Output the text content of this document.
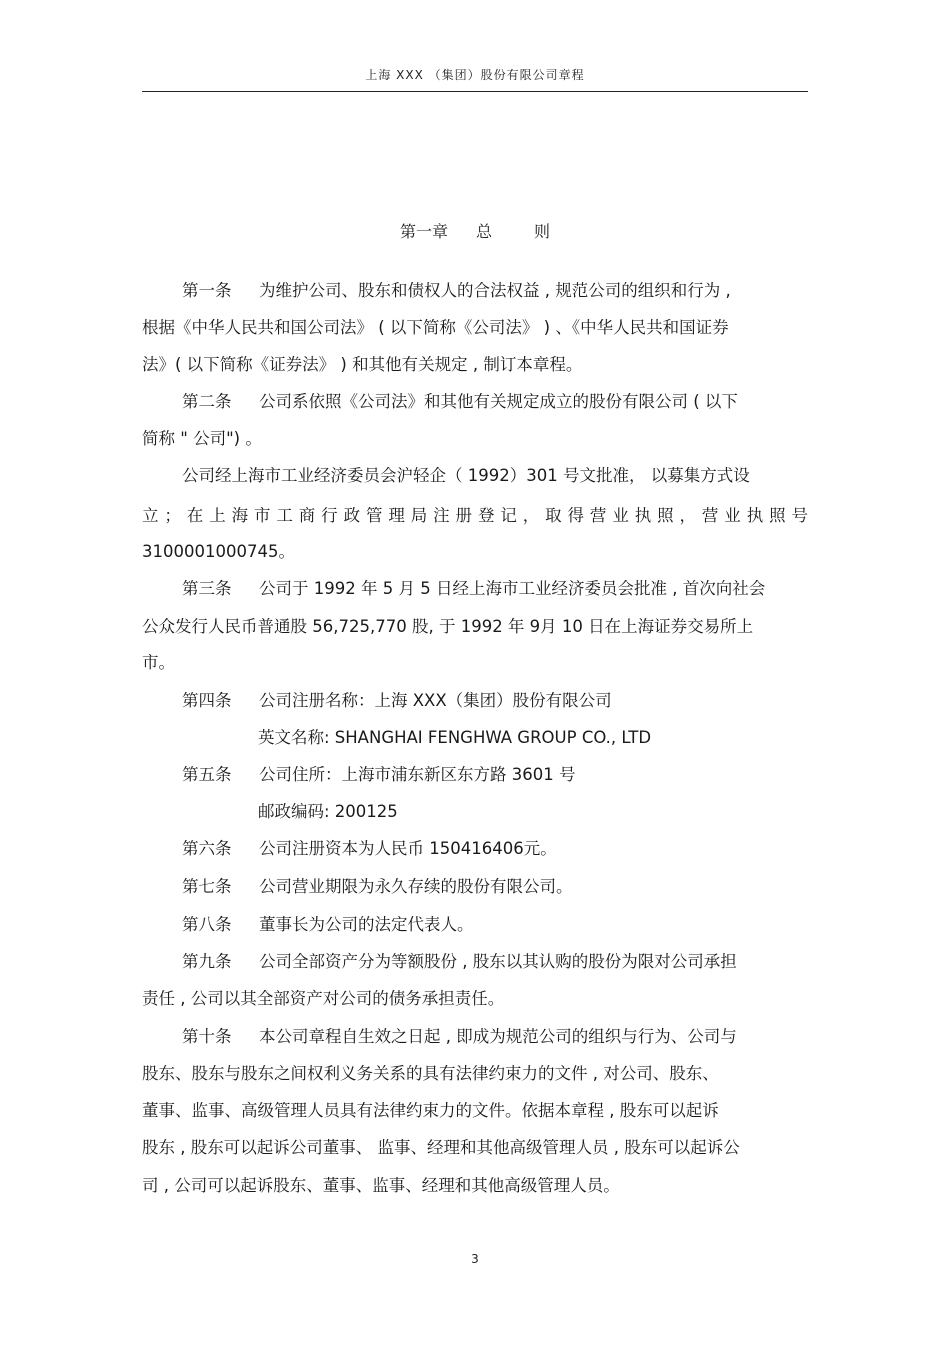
上海 XXX （集团）股份有限公司章程
第一章 总	则
第一条 为维护公司、股东和债权人的合法权益 , 规范公司的组织和行为 ,
根据《中华人民共和国公司法》 ( 以下简称《公司法》 ) 、《中华人民共和国证券
法》( 以下简称《证券法》 ) 和其他有关规定 , 制订本章程。
第二条 公司系依照《公司法》和其他有关规定成立的股份有限公司 ( 以下
简称 " 公司") 。
公司经上海市工业经济委员会沪轻企（ 1992）301 号文批准， 以募集方式设
立；在上海市工商行政管理局注册登记，取得营业执照，营业执照号
3100001000745。
第三条 公司于 1992 年 5 月 5 日经上海市工业经济委员会批准 , 首次向社会
公众发行人民币普通股 56,725,770 股, 于 1992 年 9月 10 日在上海证券交易所上
市。
第四条 公司注册名称：上海 XXX（集团）股份有限公司
英文名称: SHANGHAI FENGHWA GROUP CO., LTD
第五条 公司住所：上海市浦东新区东方路 3601 号
邮政编码: 200125
第六条 公司注册资本为人民币 150416406元。
第七条 公司营业期限为永久存续的股份有限公司。
第八条 董事长为公司的法定代表人。
第九条 公司全部资产分为等额股份 , 股东以其认购的股份为限对公司承担
责任 , 公司以其全部资产对公司的债务承担责任。
第十条 本公司章程自生效之日起 , 即成为规范公司的组织与行为、公司与
股东、股东与股东之间权利义务关系的具有法律约束力的文件 , 对公司、股东、
董事、监事、高级管理人员具有法律约束力的文件。依据本章程 , 股东可以起诉
股东 , 股东可以起诉公司董事、 监事、经理和其他高级管理人员 , 股东可以起诉公
司 , 公司可以起诉股东、董事、监事、经理和其他高级管理人员。
3
